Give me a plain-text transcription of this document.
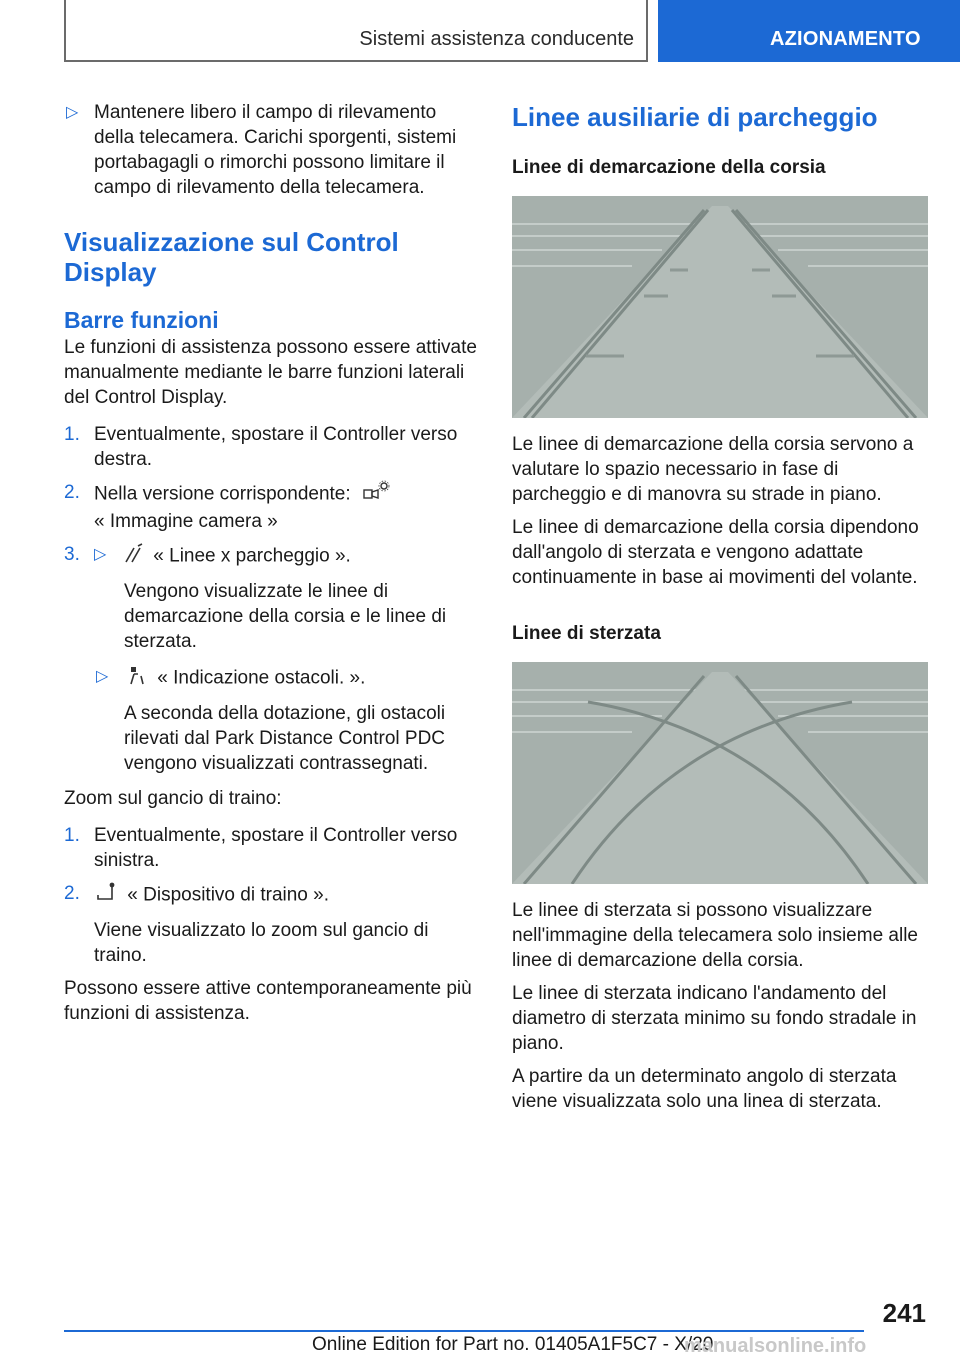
Sistemi assistenza conducente	AZIONAMENTO
▷ Mantenere libero il campo di rilevamento della telecamera. Carichi sporgenti, sistemi portabagagli o rimorchi possono limitare il campo di rilevamento della telecamera.
Visualizzazione sul Control Display
Barre funzioni

Le funzioni di assistenza possono essere attivate manualmente mediante le barre funzioni laterali del Control Display.

1. Eventualmente, spostare il Controller verso destra.
2. Nella versione corrispondente:
« Immagine camera »
3. ▷ « Linee x parcheggio ».

Vengono visualizzate le linee di demarcazione della corsia e le linee di sterzata.

▷	« Indicazione ostacoli. ».

A seconda della dotazione, gli ostacoli rilevati dal Park Distance Control PDC vengono visualizzati contrassegnati.

Zoom sul gancio di traino:

1. Eventualmente, spostare il Controller verso sinistra.
2. « Dispositivo di traino ».

Viene visualizzato lo zoom sul gancio di traino.

Possono essere attive contemporaneamente più funzioni di assistenza.

Linee ausiliarie di parcheggio
Linee di demarcazione della corsia

Le linee di demarcazione della corsia servono a valutare lo spazio necessario in fase di parcheggio e di manovra su strade in piano.

Le linee di demarcazione della corsia dipendono dall'angolo di sterzata e vengono adattate continuamente in base ai movimenti del volante.

Linee di sterzata

Le linee di sterzata si possono visualizzare nell'immagine della telecamera solo insieme alle linee di demarcazione della corsia.

Le linee di sterzata indicano l'andamento del diametro di sterzata minimo su fondo stradale in piano.

A partire da un determinato angolo di sterzata viene visualizzata solo una linea di sterzata.

241
Online Edition for Part no. 01405A1F5C7 - X/20
manualsonline.info
